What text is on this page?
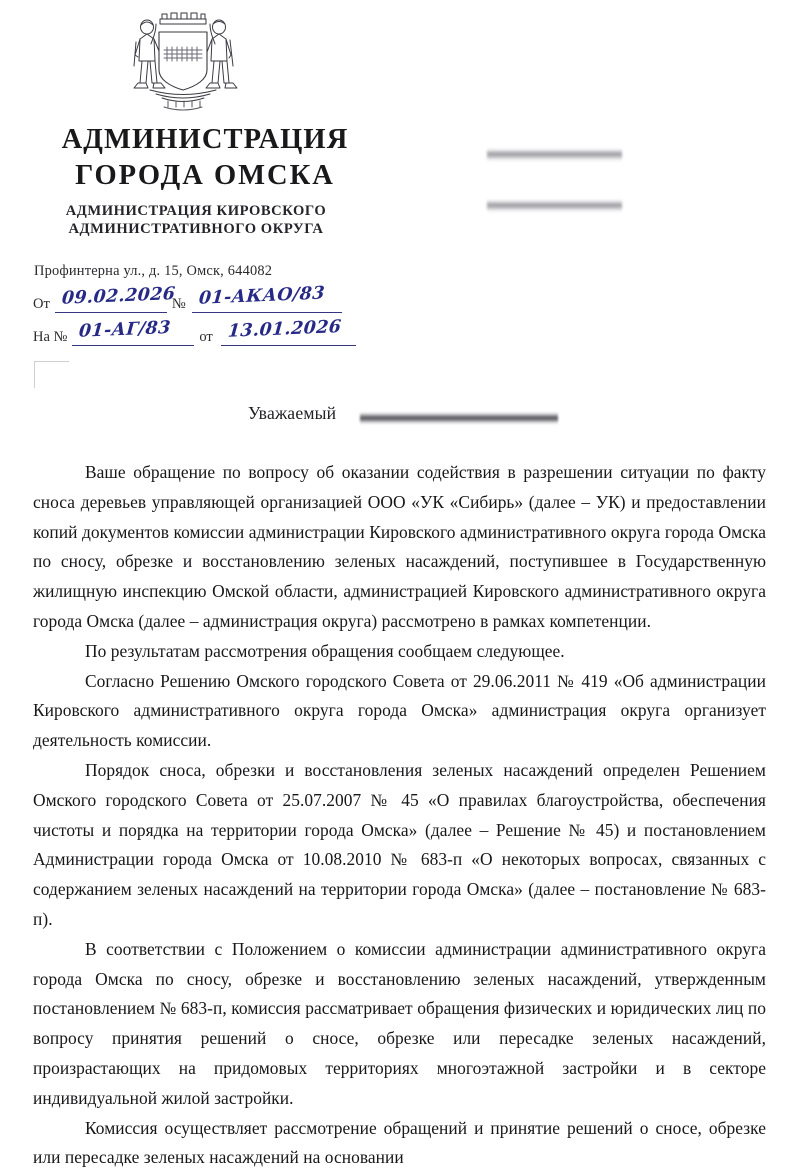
АДМИНИСТРАЦИЯ
ГОРОДА ОМСКА
АДМИНИСТРАЦИЯ КИРОВСКОГО
АДМИНИСТРАТИВНОГО ОКРУГА
Профинтерна ул., д. 15, Омск, 644082
От 09.02.2026
№ 01-АКАО/83
На № 01-АГ/83 от 13.01.2026
Уважаемый

Ваше обращение по вопросу об оказании содействия в разрешении ситуации по факту сноса деревьев управляющей организацией ООО «УК «Сибирь» (далее – УК) и предоставлении копий документов комиссии администрации Кировского административного округа города Омска по сносу, обрезке и восстановлению зеленых насаждений, поступившее в Государственную жилищную инспекцию Омской области, администрацией Кировского административного округа города Омска (далее – администрация округа) рассмотрено в рамках компетенции.

По результатам рассмотрения обращения сообщаем следующее.

Согласно Решению Омского городского Совета от 29.06.2011 № 419 «Об администрации Кировского административного округа города Омска» администрация округа организует деятельность комиссии.

Порядок сноса, обрезки и восстановления зеленых насаждений определен Решением Омского городского Совета от 25.07.2007 № 45 «О правилах благоустройства, обеспечения чистоты и порядка на территории города Омска» (далее – Решение № 45) и постановлением Администрации города Омска от 10.08.2010 № 683-п «О некоторых вопросах, связанных с содержанием зеленых насаждений на территории города Омска» (далее – постановление № 683-п).

В соответствии с Положением о комиссии администрации административного округа города Омска по сносу, обрезке и восстановлению зеленых насаждений, утвержденным постановлением № 683-п, комиссия рассматривает обращения физических и юридических лиц по вопросу принятия решений о сносе, обрезке или пересадке зеленых насаждений, произрастающих на придомовых территориях многоэтажной застройки и в секторе индивидуальной жилой застройки.

Комиссия осуществляет рассмотрение обращений и принятие решений о сносе, обрезке или пересадке зеленых насаждений на основании
